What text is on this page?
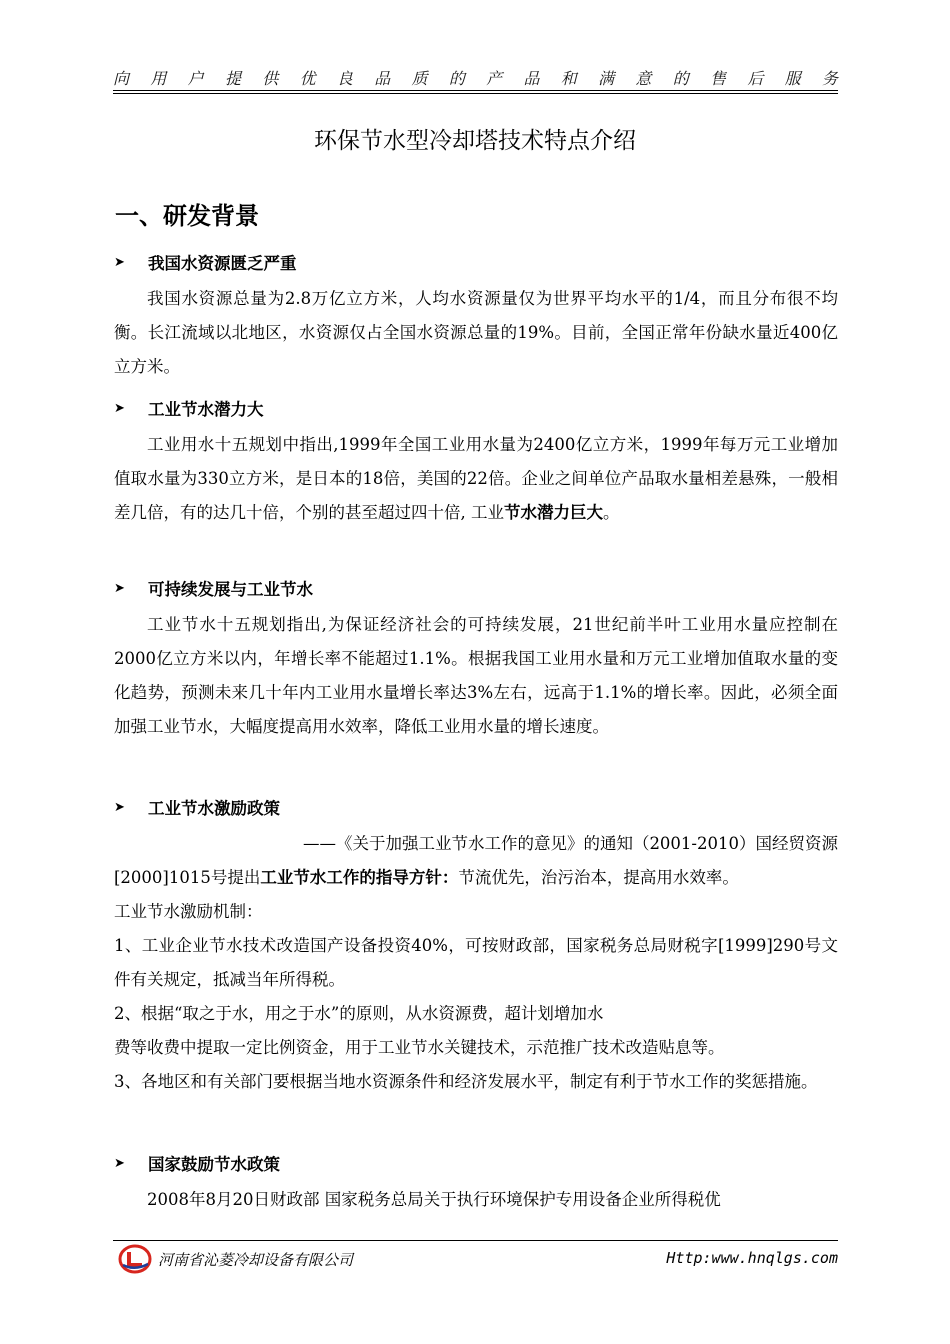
向 用 户 提 供 优 良 品 质 的 产 品 和 满 意 的 售 后 服 务
环保节水型冷却塔技术特点介绍
一、研发背景
➤	我国水资源匮乏严重
我国水资源总量为2.8万亿立方米，人均水资源量仅为世界平均水平的1/4，而且分布很不均衡。长江流域以北地区，水资源仅占全国水资源总量的19%。目前，全国正常年份缺水量近400亿立方米。
➤	工业节水潜力大
工业用水十五规划中指出,1999年全国工业用水量为2400亿立方米，1999年每万元工业增加值取水量为330立方米，是日本的18倍，美国的22倍。企业之间单位产品取水量相差悬殊，一般相差几倍，有的达几十倍，个别的甚至超过四十倍, 工业节水潜力巨大。
➤	可持续发展与工业节水
工业节水十五规划指出,为保证经济社会的可持续发展，21世纪前半叶工业用水量应控制在2000亿立方米以内，年增长率不能超过1.1%。根据我国工业用水量和万元工业增加值取水量的变化趋势，预测未来几十年内工业用水量增长率达3%左右，远高于1.1%的增长率。因此，必须全面加强工业节水，大幅度提高用水效率，降低工业用水量的增长速度。
➤	工业节水激励政策
——《关于加强工业节水工作的意见》的通知（2001-2010）国经贸资源
[2000]1015号提出工业节水工作的指导方针：节流优先，治污治本，提高用水效率。
工业节水激励机制：
1、工业企业节水技术改造国产设备投资40%，可按财政部，国家税务总局财税字[1999]290号文件有关规定，抵减当年所得税。
2、根据“取之于水，用之于水”的原则，从水资源费，超计划增加水
费等收费中提取一定比例资金，用于工业节水关键技术，示范推广技术改造贴息等。
3、各地区和有关部门要根据当地水资源条件和经济发展水平，制定有利于节水工作的奖惩措施。
➤	国家鼓励节水政策
2008年8月20日财政部 国家税务总局关于执行环境保护专用设备企业所得税优
河南省沁菱冷却设备有限公司	Http:www.hnqlgs.com
